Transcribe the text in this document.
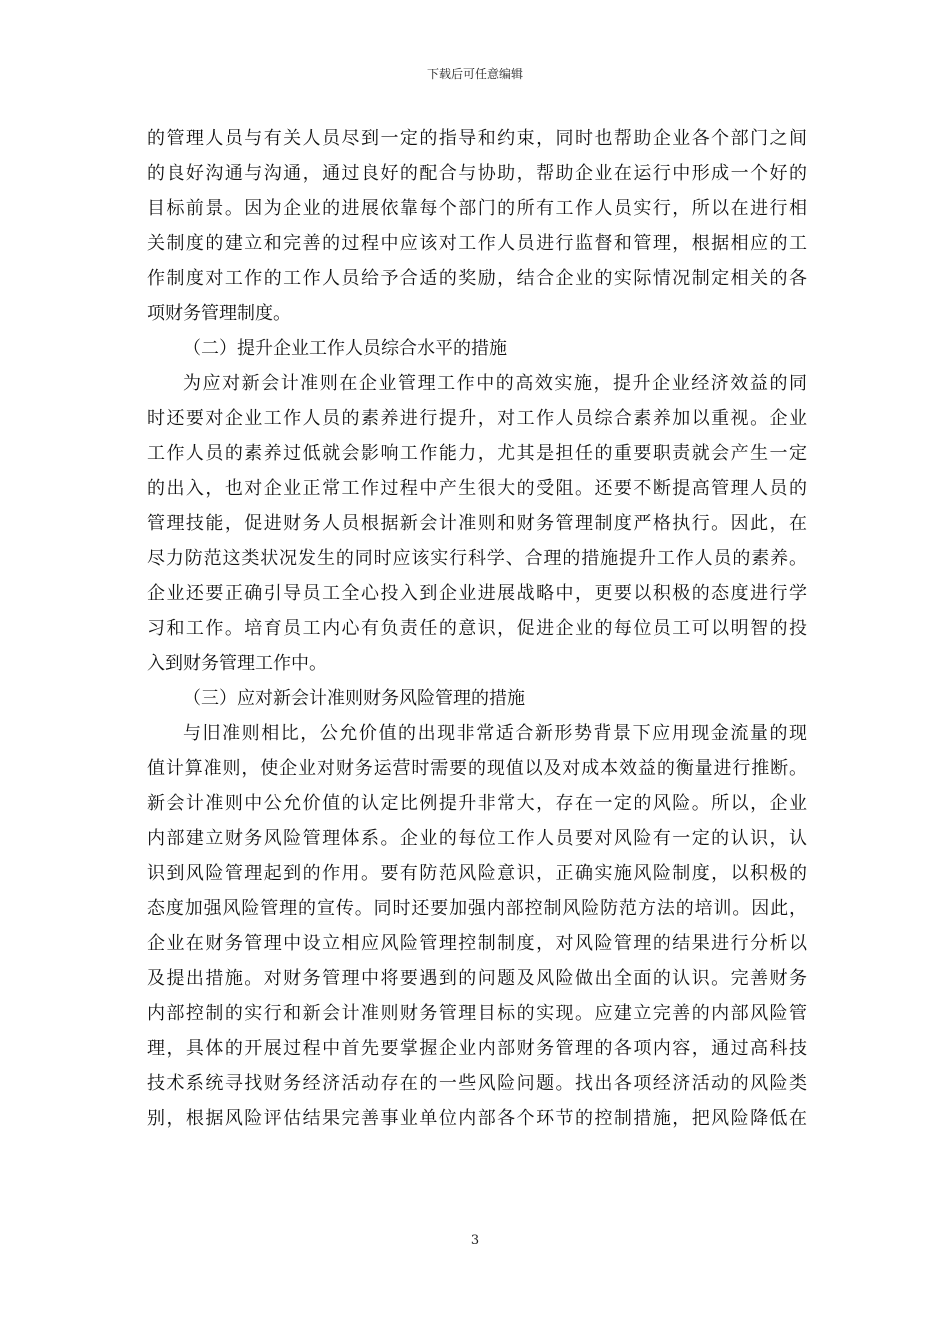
下载后可任意编辑
的管理人员与有关人员尽到一定的指导和约束，同时也帮助企业各个部门之间
的良好沟通与沟通，通过良好的配合与协助，帮助企业在运行中形成一个好的
目标前景。因为企业的进展依靠每个部门的所有工作人员实行，所以在进行相
关制度的建立和完善的过程中应该对工作人员进行监督和管理，根据相应的工
作制度对工作的工作人员给予合适的奖励，结合企业的实际情况制定相关的各
项财务管理制度。
（二）提升企业工作人员综合水平的措施
为应对新会计准则在企业管理工作中的高效实施，提升企业经济效益的同
时还要对企业工作人员的素养进行提升，对工作人员综合素养加以重视。企业
工作人员的素养过低就会影响工作能力，尤其是担任的重要职责就会产生一定
的出入，也对企业正常工作过程中产生很大的受阻。还要不断提高管理人员的
管理技能，促进财务人员根据新会计准则和财务管理制度严格执行。因此，在
尽力防范这类状况发生的同时应该实行科学、合理的措施提升工作人员的素养。
企业还要正确引导员工全心投入到企业进展战略中，更要以积极的态度进行学
习和工作。培育员工内心有负责任的意识，促进企业的每位员工可以明智的投
入到财务管理工作中。
（三）应对新会计准则财务风险管理的措施
与旧准则相比，公允价值的出现非常适合新形势背景下应用现金流量的现
值计算准则，使企业对财务运营时需要的现值以及对成本效益的衡量进行推断。
新会计准则中公允价值的认定比例提升非常大，存在一定的风险。所以，企业
内部建立财务风险管理体系。企业的每位工作人员要对风险有一定的认识，认
识到风险管理起到的作用。要有防范风险意识，正确实施风险制度，以积极的
态度加强风险管理的宣传。同时还要加强内部控制风险防范方法的培训。因此，
企业在财务管理中设立相应风险管理控制制度，对风险管理的结果进行分析以
及提出措施。对财务管理中将要遇到的问题及风险做出全面的认识。完善财务
内部控制的实行和新会计准则财务管理目标的实现。应建立完善的内部风险管
理，具体的开展过程中首先要掌握企业内部财务管理的各项内容，通过高科技
技术系统寻找财务经济活动存在的一些风险问题。找出各项经济活动的风险类
别，根据风险评估结果完善事业单位内部各个环节的控制措施，把风险降低在
3
